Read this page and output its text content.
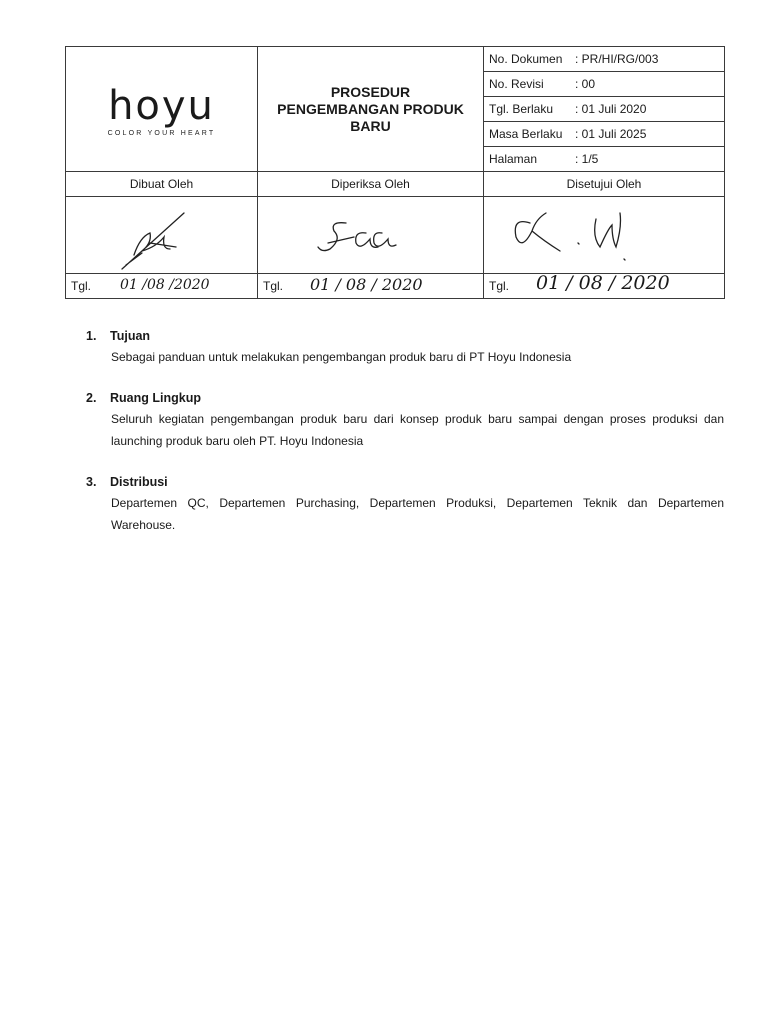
hoyu
COLOR YOUR HEART	PROSEDUR
PENGEMBANGAN PRODUK
BARU	No. Dokumen : PR/HI/RG/003
		No. Revisi : 00
		Tgl. Berlaku : 01 Juli 2020
		Masa Berlaku : 01 Juli 2025
		Halaman : 1/5
Dibuat Oleh	Diperiksa Oleh	Disetujui Oleh

Tgl. 01 /08 /2020	Tgl. 01 / 08 / 2020	Tgl. 01 / 08 / 2020
1.	Tujuan
Sebagai panduan untuk melakukan pengembangan produk baru di PT Hoyu Indonesia
2.	Ruang Lingkup
Seluruh kegiatan pengembangan produk baru dari konsep produk baru sampai dengan proses produksi dan launching produk baru oleh PT. Hoyu Indonesia
3.	Distribusi
Departemen QC, Departemen Purchasing, Departemen Produksi, Departemen Teknik dan Departemen Warehouse.
